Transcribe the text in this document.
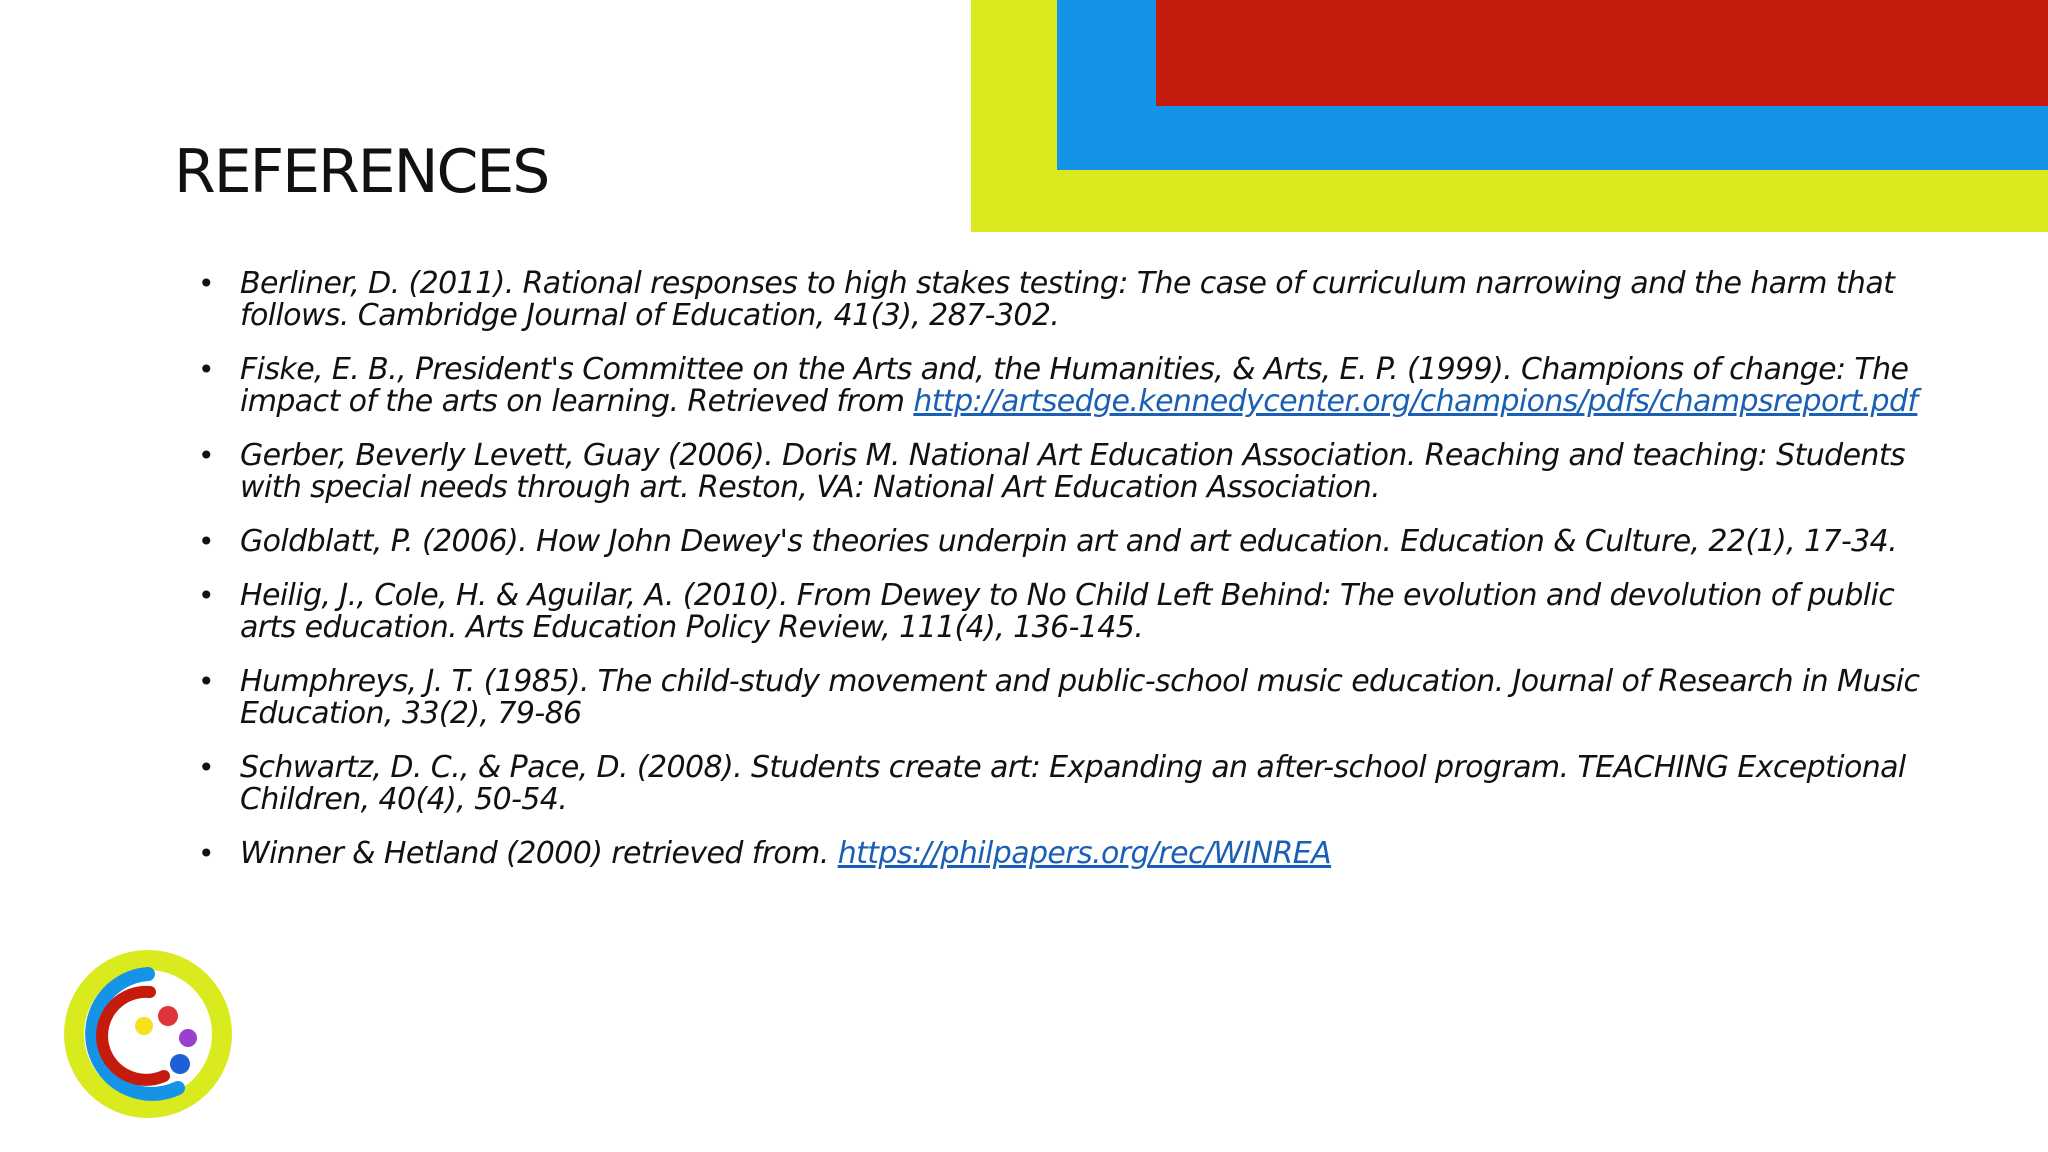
REFERENCES
• Berliner, D. (2011). Rational responses to high stakes testing: The case of curriculum narrowing and the harm that follows. Cambridge Journal of Education, 41(3), 287-302.
• Fiske, E. B., President's Committee on the Arts and, the Humanities, & Arts, E. P. (1999). Champions of change: The impact of the arts on learning. Retrieved from http://artsedge.kennedycenter.org/champions/pdfs/champsreport.pdf
• Gerber, Beverly Levett, Guay (2006). Doris M. National Art Education Association. Reaching and teaching: Students with special needs through art. Reston, VA: National Art Education Association.
• Goldblatt, P. (2006). How John Dewey's theories underpin art and art education. Education & Culture, 22(1), 17-34.
• Heilig, J., Cole, H. & Aguilar, A. (2010). From Dewey to No Child Left Behind: The evolution and devolution of public arts education. Arts Education Policy Review, 111(4), 136-145.
• Humphreys, J. T. (1985). The child-study movement and public-school music education. Journal of Research in Music Education, 33(2), 79-86
• Schwartz, D. C., & Pace, D. (2008). Students create art: Expanding an after-school program. TEACHING Exceptional Children, 40(4), 50-54.
• Winner & Hetland (2000) retrieved from. https://philpapers.org/rec/WINREA
